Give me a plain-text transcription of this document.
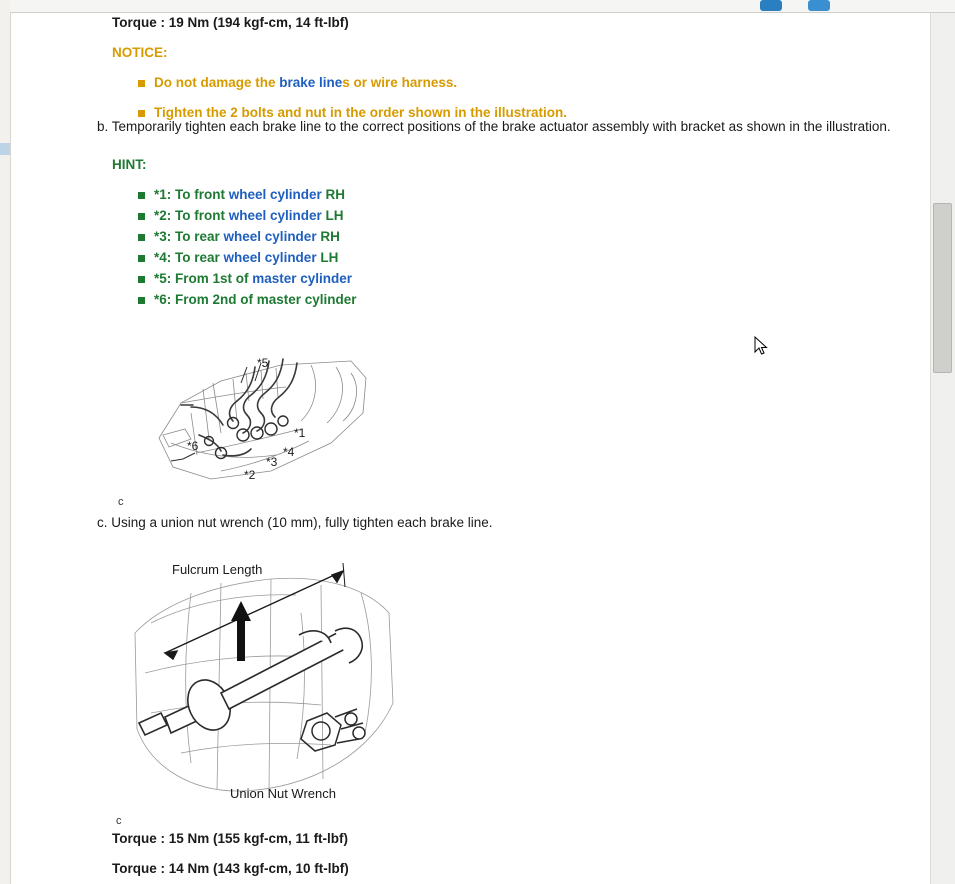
Torque : 19 Nm (194 kgf-cm, 14 ft-lbf)
NOTICE:
Do not damage the brake lines or wire harness.
Tighten the 2 bolts and nut in the order shown in the illustration.
b. Temporarily tighten each brake line to the correct positions of the brake actuator assembly with bracket as shown in the illustration.
HINT:
*1: To front wheel cylinder RH
*2: To front wheel cylinder LH
*3: To rear wheel cylinder RH
*4: To rear wheel cylinder LH
*5: From 1st of master cylinder
*6: From 2nd of master cylinder
*5
*1
*4
*3
*2
*6
c
c. Using a union nut wrench (10 mm), fully tighten each brake line.
Fulcrum Length
Union Nut Wrench
c
Torque : 15 Nm (155 kgf-cm, 11 ft-lbf)
Torque : 14 Nm (143 kgf-cm, 10 ft-lbf)
